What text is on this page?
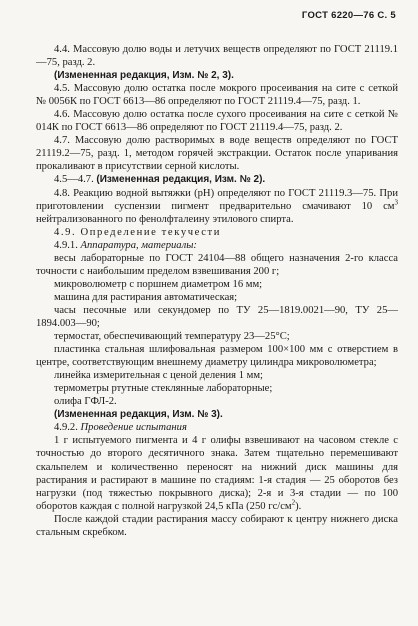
ГОСТ 6220—76 С. 5

4.4. Массовую долю воды и летучих веществ определяют по ГОСТ 21119.1—75, разд. 2.

(Измененная редакция, Изм. № 2, 3).

4.5. Массовую долю остатка после мокрого просеивания на сите с сеткой № 0056К по ГОСТ 6613—86 определяют по ГОСТ 21119.4—75, разд. 1.

4.6. Массовую долю остатка после сухого просеивания на сите с сеткой № 014К по ГОСТ 6613—86 определяют по ГОСТ 21119.4—75, разд. 2.

4.7. Массовую долю растворимых в воде веществ определяют по ГОСТ 21119.2—75, разд. 1, методом горячей экстракции. Остаток после упаривания прокаливают в присутствии серной кислоты.

4.5—4.7. (Измененная редакция, Изм. № 2).

4.8. Реакцию водной вытяжки (рН) определяют по ГОСТ 21119.3—75. При приготовлении суспензии пигмент предварительно смачивают 10 $см^3$ нейтрализованного по фенолфталеину этилового спирта.

4.9. Определение текучести

4.9.1. Аппаратура, материалы:

весы лабораторные по ГОСТ 24104—88 общего назначения 2-го класса точности с наибольшим пределом взвешивания 200 г;

микроволюметр с поршнем диаметром 16 мм;

машина для растирания автоматическая;

часы песочные или секундомер по ТУ 25—1819.0021—90, ТУ 25—1894.003—90;

термостат, обеспечивающий температуру 23—25°С;

пластинка стальная шлифовальная размером 100×100 мм с отверстием в центре, соответствующим внешнему диаметру цилиндра микроволюметра;

линейка измерительная с ценой деления 1 мм;

термометры ртутные стеклянные лабораторные;

олифа ГФЛ-2.

(Измененная редакция, Изм. № 3).

4.9.2. Проведение испытания

1 г испытуемого пигмента и 4 г олифы взвешивают на часовом стекле с точностью до второго десятичного знака. Затем тщательно перемешивают скальпелем и количественно переносят на нижний диск машины для растирания и растирают в машине по стадиям: 1-я стадия — 25 оборотов без нагрузки (под тяжестью покрывного диска); 2-я и 3-я стадии — по 100 оборотов каждая с полной нагрузкой 24,5 кПа (250 $гс/см^2$).

После каждой стадии растирания массу собирают к центру нижнего диска стальным скребком.
